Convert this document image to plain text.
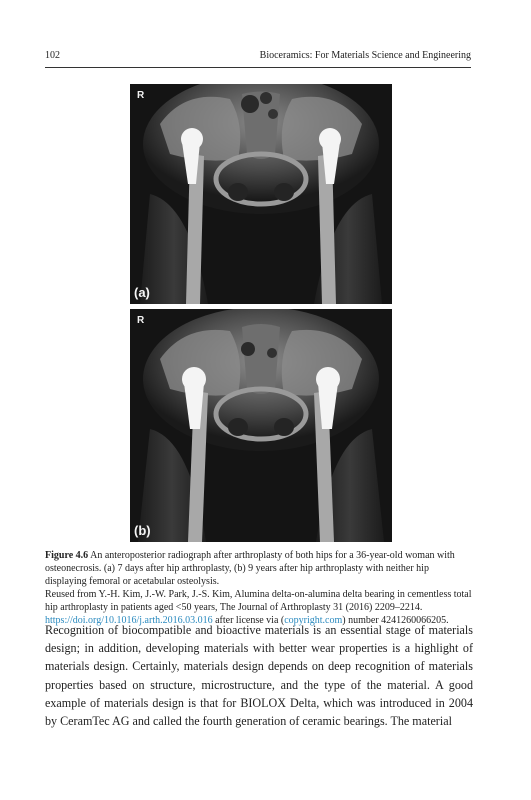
102	Bioceramics: For Materials Science and Engineering
R
(a)
R
(b)

Figure 4.6 An anteroposterior radiograph after arthroplasty of both hips for a 36-year-old woman with osteonecrosis. (a) 7 days after hip arthroplasty, (b) 9 years after hip arthroplasty with neither hip displaying femoral or acetabular osteolysis.

Reused from Y.-H. Kim, J.-W. Park, J.-S. Kim, Alumina delta-on-alumina delta bearing in cementless total hip arthroplasty in patients aged <50 years, The Journal of Arthroplasty 31 (2016) 2209–2214. https://doi.org/10.1016/j.arth.2016.03.016 after license via (copyright.com) number 4241260066205.

Recognition of biocompatible and bioactive materials is an essential stage of materials design; in addition, developing materials with better wear properties is a highlight of materials design. Certainly, materials design depends on deep recognition of materials properties based on structure, microstructure, and the type of the material. A good example of materials design is that for BIOLOX Delta, which was introduced in 2004 by CeramTec AG and called the fourth generation of ceramic bearings. The material
